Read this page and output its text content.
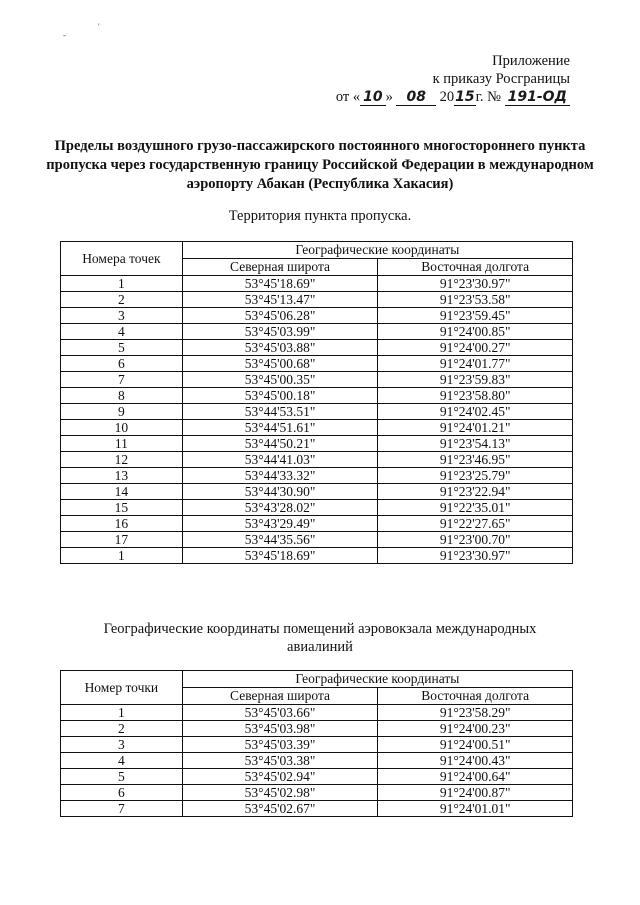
-
'
Приложение
к приказу Росграницы
от « 10 » 08 2015г. № 191-ОД
Пределы воздушного грузо-пассажирского постоянного многостороннего пункта пропуска через государственную границу Российской Федерации в международном аэропорту Абакан (Республика Хакасия)
Территория пункта пропуска.
Номера точек	Географические координаты	
	Северная широта	Восточная долгота
1	53°45'18.69"	91°23'30.97"
2	53°45'13.47"	91°23'53.58"
3	53°45'06.28"	91°23'59.45"
4	53°45'03.99"	91°24'00.85"
5	53°45'03.88"	91°24'00.27"
6	53°45'00.68"	91°24'01.77"
7	53°45'00.35"	91°23'59.83"
8	53°45'00.18"	91°23'58.80"
9	53°44'53.51"	91°24'02.45"
10	53°44'51.61"	91°24'01.21"
11	53°44'50.21"	91°23'54.13"
12	53°44'41.03"	91°23'46.95"
13	53°44'33.32"	91°23'25.79"
14	53°44'30.90"	91°23'22.94"
15	53°43'28.02"	91°22'35.01"
16	53°43'29.49"	91°22'27.65"
17	53°44'35.56"	91°23'00.70"
1	53°45'18.69"	91°23'30.97"
Географические координаты помещений аэровокзала международных авиалиний
Номер точки	Географические координаты	
	Северная широта	Восточная долгота
1	53°45'03.66"	91°23'58.29"
2	53°45'03.98"	91°24'00.23"
3	53°45'03.39"	91°24'00.51"
4	53°45'03.38"	91°24'00.43"
5	53°45'02.94"	91°24'00.64"
6	53°45'02.98"	91°24'00.87"
7	53°45'02.67"	91°24'01.01"
